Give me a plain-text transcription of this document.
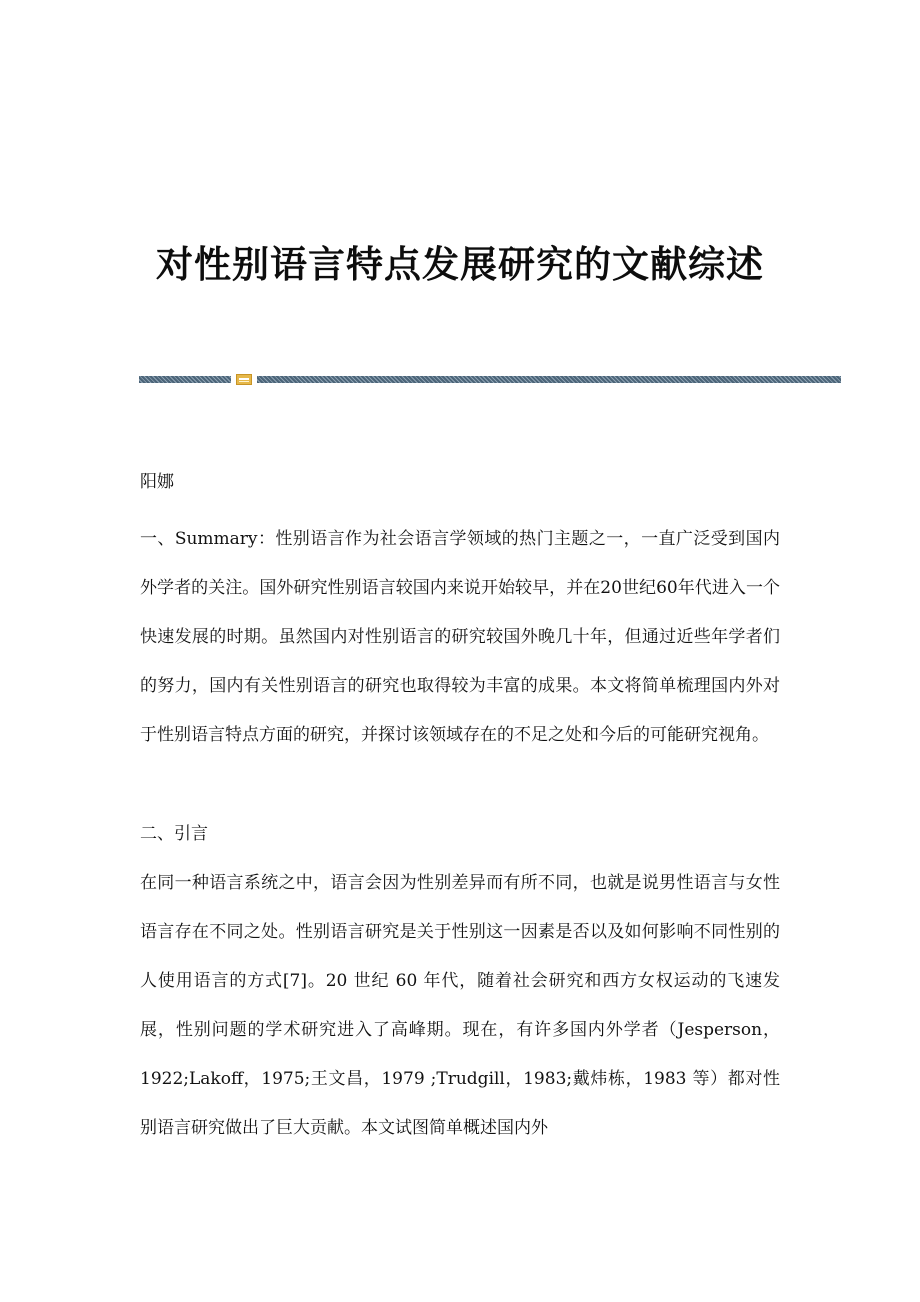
对性别语言特点发展研究的文献综述
阳娜

一、Summary：性别语言作为社会语言学领域的热门主题之一，一直广泛受到国内外学者的关注。国外研究性别语言较国内来说开始较早，并在20世纪60年代进入一个快速发展的时期。虽然国内对性别语言的研究较国外晚几十年，但通过近些年学者们的努力，国内有关性别语言的研究也取得较为丰富的成果。本文将简单梳理国内外对于性别语言特点方面的研究，并探讨该领域存在的不足之处和今后的可能研究视角。

二、引言

在同一种语言系统之中，语言会因为性别差异而有所不同，也就是说男性语言与女性语言存在不同之处。性别语言研究是关于性别这一因素是否以及如何影响不同性别的人使用语言的方式[7]。20 世纪 60 年代，随着社会研究和西方女权运动的飞速发展，性别问题的学术研究进入了高峰期。现在，有许多国内外学者（Jesperson，1922;Lakoff，1975;王文昌，1979 ;Trudgill，1983;戴炜栋，1983 等）都对性别语言研究做出了巨大贡献。本文试图简单概述国内外
